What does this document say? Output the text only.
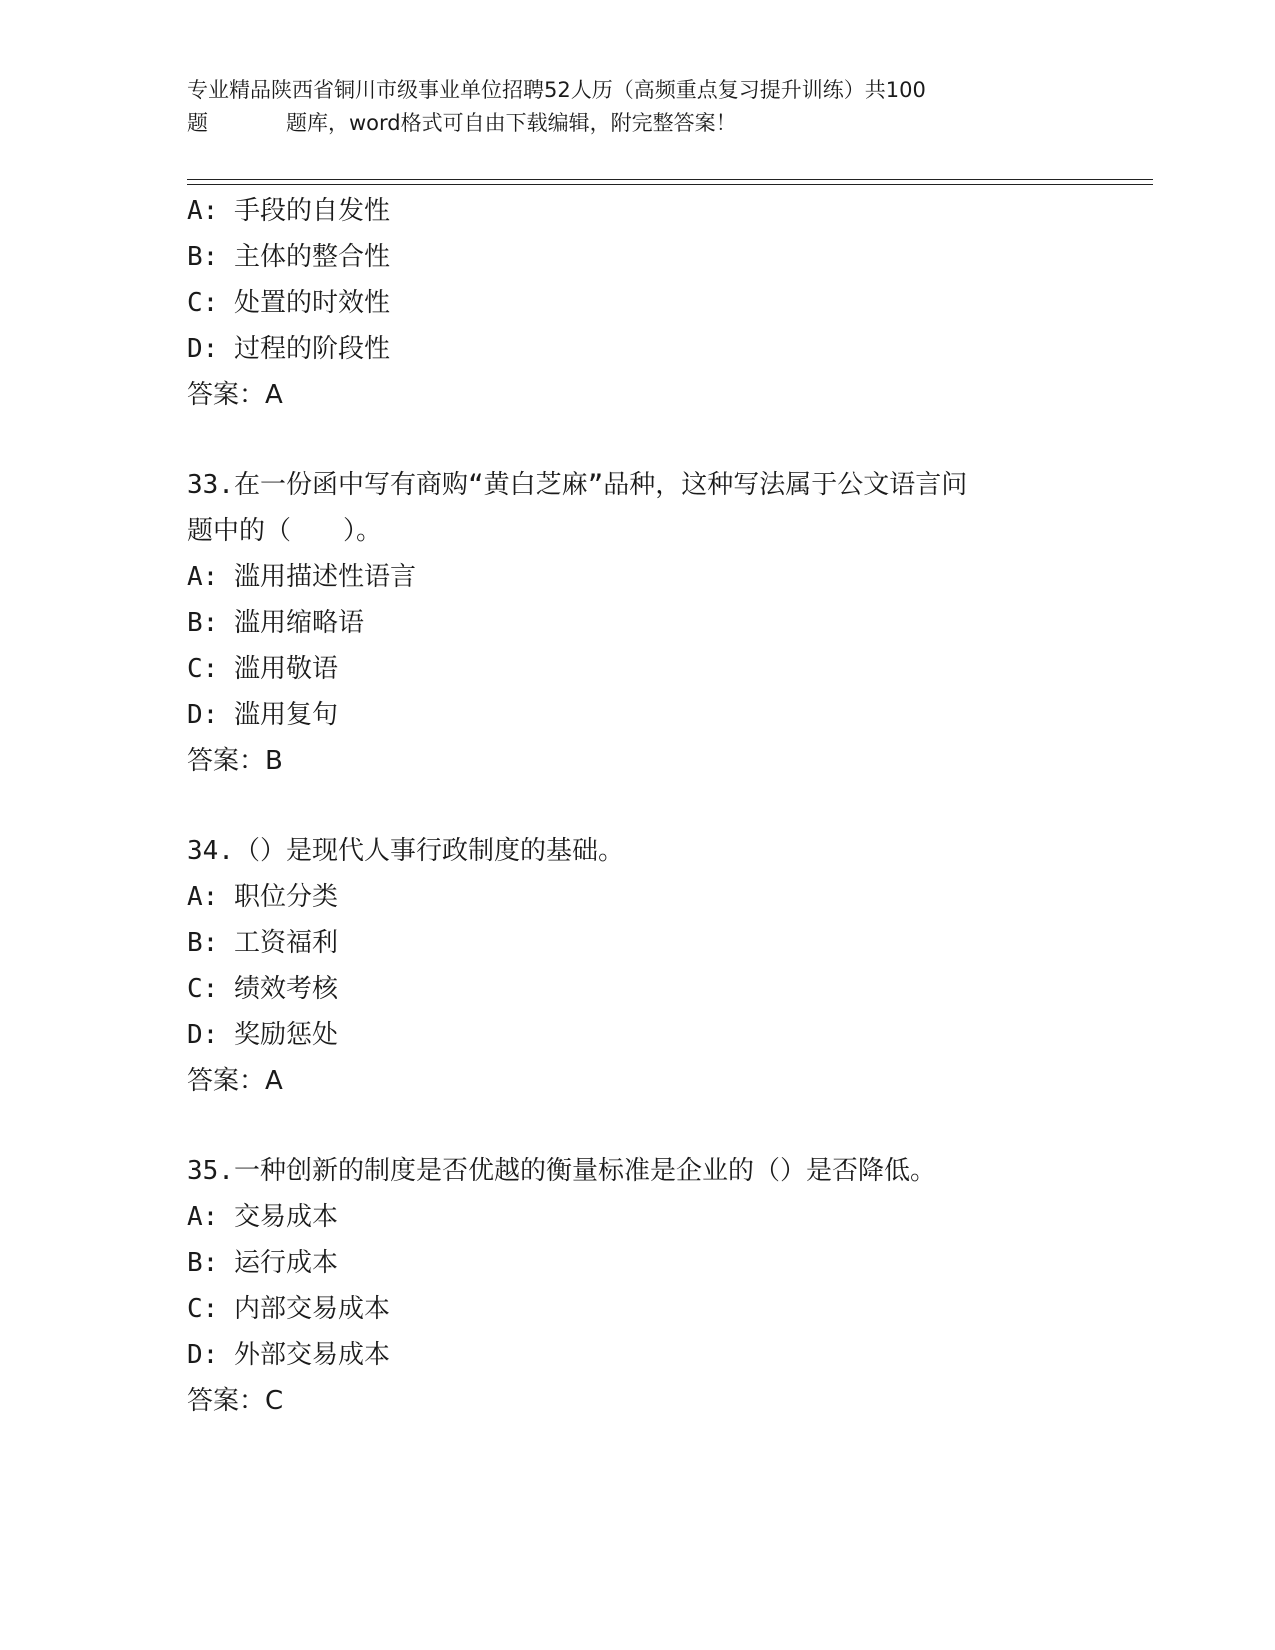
专业精品陕西省铜川市级事业单位招聘52人历（高频重点复习提升训练）共100
题	题库，word格式可自由下载编辑，附完整答案！
A: 手段的自发性
B: 主体的整合性
C: 处置的时效性
D: 过程的阶段性
答案：A
33.在一份函中写有商购“黄白芝麻”品种，这种写法属于公文语言问
题中的（　　）。
A: 滥用描述性语言
B: 滥用缩略语
C: 滥用敬语
D: 滥用复句
答案：B
34.（）是现代人事行政制度的基础。
A: 职位分类
B: 工资福利
C: 绩效考核
D: 奖励惩处
答案：A
35.一种创新的制度是否优越的衡量标准是企业的（）是否降低。
A: 交易成本
B: 运行成本
C: 内部交易成本
D: 外部交易成本
答案：C
